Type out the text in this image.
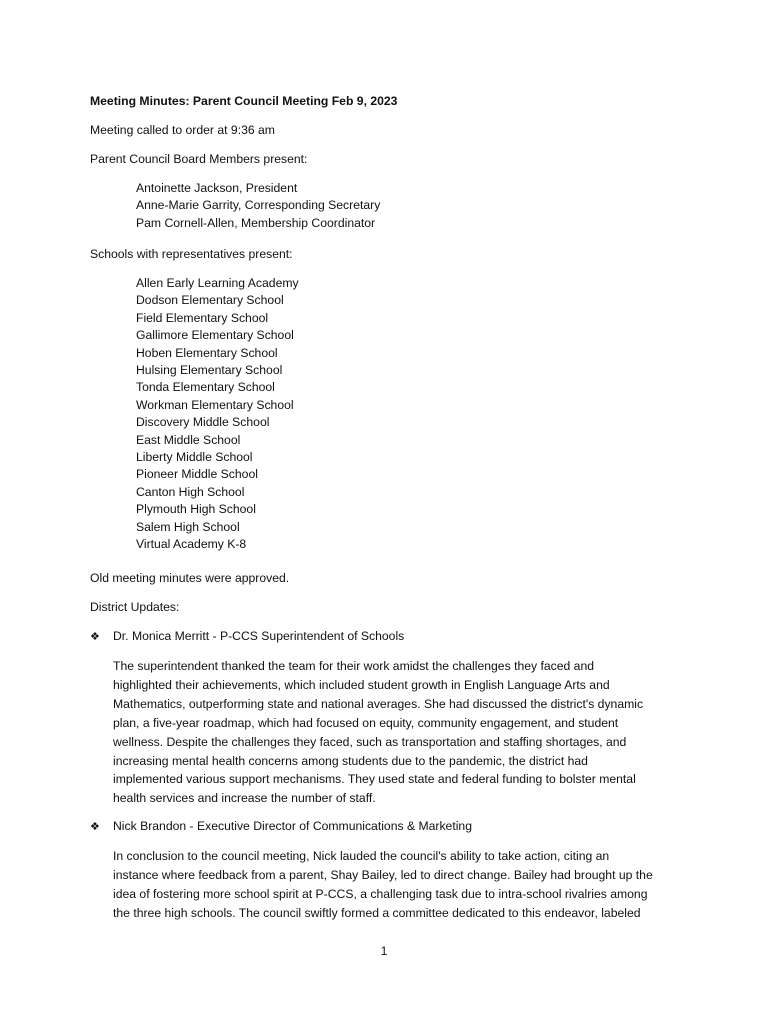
Meeting Minutes: Parent Council Meeting Feb 9, 2023
Meeting called to order at 9:36 am
Parent Council Board Members present:
Antoinette Jackson, President
Anne-Marie Garrity, Corresponding Secretary
Pam Cornell-Allen, Membership Coordinator
Schools with representatives present:
Allen Early Learning Academy
Dodson Elementary School
Field Elementary School
Gallimore Elementary School
Hoben Elementary School
Hulsing Elementary School
Tonda Elementary School
Workman Elementary School
Discovery Middle School
East Middle School
Liberty Middle School
Pioneer Middle School
Canton High School
Plymouth High School
Salem High School
Virtual Academy K-8
Old meeting minutes were approved.
District Updates:
❖ Dr. Monica Merritt - P-CCS Superintendent of Schools
The superintendent thanked the team for their work amidst the challenges they faced and
highlighted their achievements, which included student growth in English Language Arts and
Mathematics, outperforming state and national averages. She had discussed the district's dynamic
plan, a five-year roadmap, which had focused on equity, community engagement, and student
wellness. Despite the challenges they faced, such as transportation and staffing shortages, and
increasing mental health concerns among students due to the pandemic, the district had
implemented various support mechanisms. They used state and federal funding to bolster mental
health services and increase the number of staff.
❖ Nick Brandon - Executive Director of Communications & Marketing
In conclusion to the council meeting, Nick lauded the council's ability to take action, citing an
instance where feedback from a parent, Shay Bailey, led to direct change. Bailey had brought up the
idea of fostering more school spirit at P-CCS, a challenging task due to intra-school rivalries among
the three high schools. The council swiftly formed a committee dedicated to this endeavor, labeled
1
